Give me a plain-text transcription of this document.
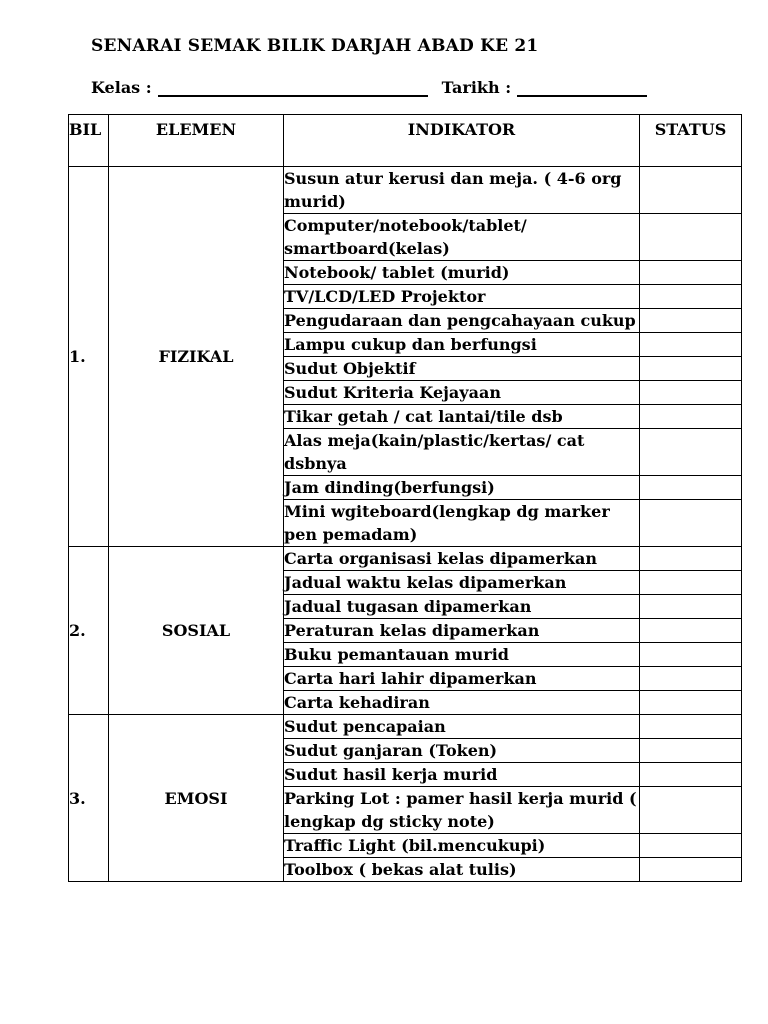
SENARAI SEMAK BILIK DARJAH ABAD KE 21
Kelas :	Tarikh :
BIL	ELEMEN	INDIKATOR	STATUS
1.	FIZIKAL	Susun atur kerusi dan meja. ( 4-6 org murid)	
		Computer/notebook/tablet/ smartboard(kelas)	
		Notebook/ tablet (murid)	
		TV/LCD/LED Projektor	
		Pengudaraan dan pengcahayaan cukup	
		Lampu cukup dan berfungsi	
		Sudut Objektif	
		Sudut Kriteria Kejayaan	
		Tikar getah / cat lantai/tile dsb	
		Alas meja(kain/plastic/kertas/ cat dsbnya	
		Jam dinding(berfungsi)	
		Mini wgiteboard(lengkap dg marker pen pemadam)	
2.	SOSIAL	Carta organisasi kelas dipamerkan	
		Jadual waktu kelas dipamerkan	
		Jadual tugasan dipamerkan	
		Peraturan kelas dipamerkan	
		Buku pemantauan murid	
		Carta hari lahir dipamerkan	
		Carta kehadiran	
3.	EMOSI	Sudut pencapaian	
		Sudut ganjaran (Token)	
		Sudut hasil kerja murid	
		Parking Lot : pamer hasil kerja murid ( lengkap dg sticky note)	
		Traffic Light (bil.mencukupi)	
		Toolbox ( bekas alat tulis)	
